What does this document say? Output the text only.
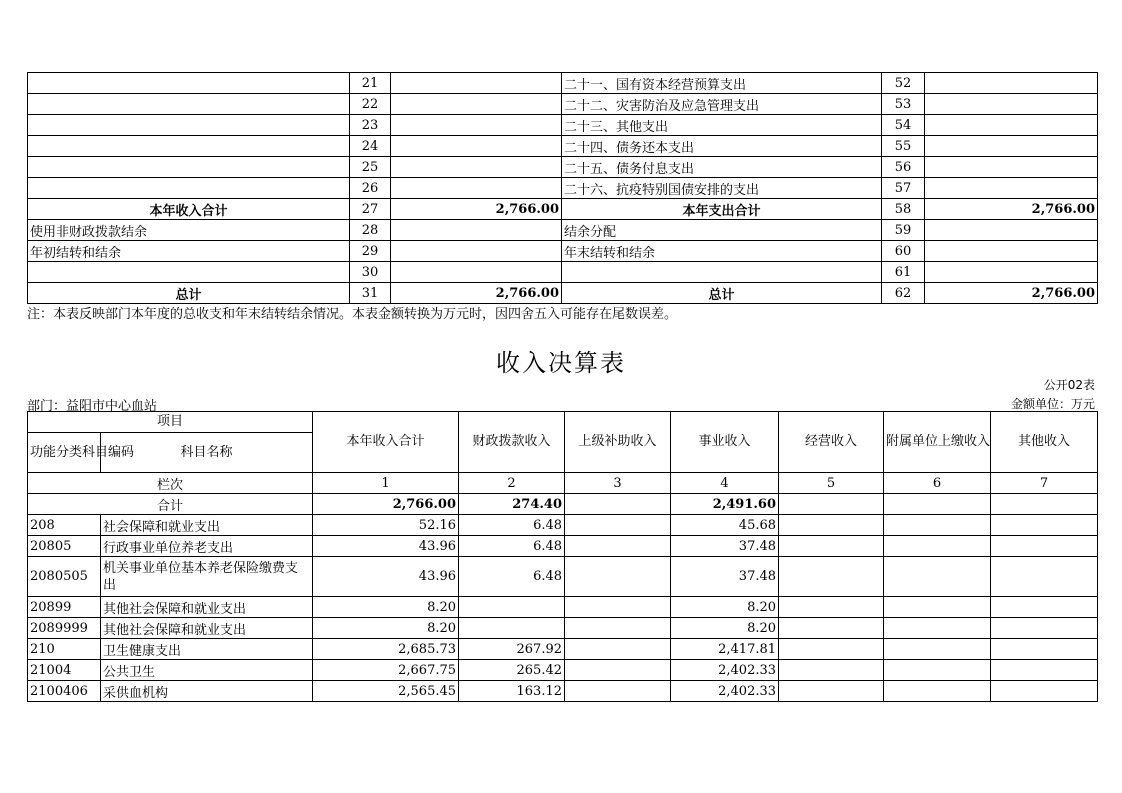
	21		二十一、国有资本经营预算支出	52	
	22		二十二、灾害防治及应急管理支出	53	
	23		二十三、其他支出	54	
	24		二十四、债务还本支出	55	
	25		二十五、债务付息支出	56	
	26		二十六、抗疫特别国债安排的支出	57	
本年收入合计	27	2,766.00	本年支出合计	58	2,766.00
使用非财政拨款结余	28		结余分配	59	
年初结转和结余	29		年末结转和结余	60	
	30			61	
总计	31	2,766.00	总计	62	2,766.00
注：本表反映部门本年度的总收支和年末结转结余情况。本表金额转换为万元时，因四舍五入可能存在尾数误差。
收入决算表
公开02表
部门：益阳市中心血站	金额单位：万元
项目		本年收入合计	财政拨款收入	上级补助收入	事业收入	经营收入	附属单位上缴收入	其他收入
功能分类科目编码	科目名称							
栏次		1	2	3	4	5	6	7
合计		2,766.00	274.40		2,491.60			
208	社会保障和就业支出	52.16	6.48		45.68			
20805	行政事业单位养老支出	43.96	6.48		37.48			
2080505	机关事业单位基本养老保险缴费支出	43.96	6.48		37.48			
20899	其他社会保障和就业支出	8.20			8.20			
2089999	其他社会保障和就业支出	8.20			8.20			
210	卫生健康支出	2,685.73	267.92		2,417.81			
21004	公共卫生	2,667.75	265.42		2,402.33			
2100406	采供血机构	2,565.45	163.12		2,402.33			
